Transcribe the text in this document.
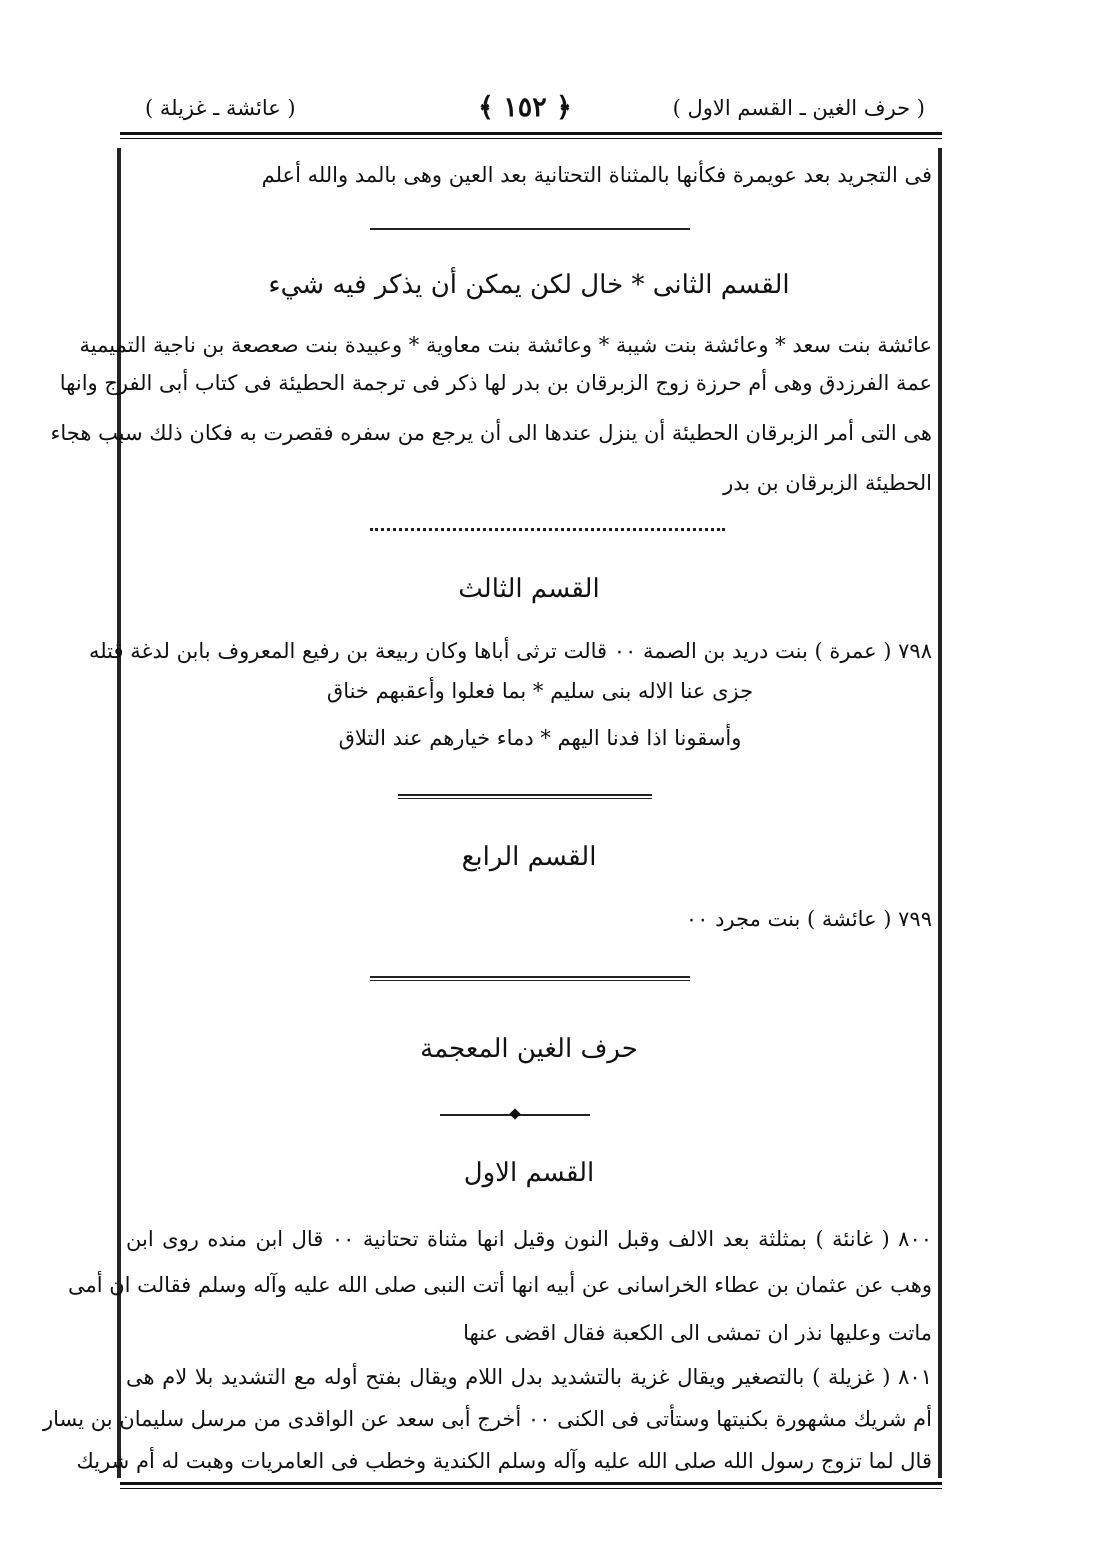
( حرف الغين ـ القسم الاول )
﴿ ١٥٢ ﴾
( عائشة ـ غزيلة )
فى التجريد بعد عويمرة فكأنها بالمثناة التحتانية بعد العين وهى بالمد والله أعلم
القسم الثانى * خال لكن يمكن أن يذكر فيه شيء
عائشة بنت سعد * وعائشة بنت شيبة * وعائشة بنت معاوية * وعبيدة بنت صعصعة بن ناجية التميمية
عمة الفرزدق وهى أم حرزة زوج الزبرقان بن بدر لها ذكر فى ترجمة الحطيئة فى كتاب أبى الفرج وانها
هى التى أمر الزبرقان الحطيئة أن ينزل عندها الى أن يرجع من سفره فقصرت به فكان ذلك سبب هجاء
الحطيئة الزبرقان بن بدر
القسم الثالث
٧٩٨ ( عمرة ) بنت دريد بن الصمة ٠٠ قالت ترثى أباها وكان ربيعة بن رفيع المعروف بابن لدغة قتله
جزى عنا الاله بنى سليم * بما فعلوا وأعقبهم خناق
وأسقونا اذا فدنا اليهم * دماء خيارهم عند التلاق
القسم الرابع
٧٩٩ ( عائشة ) بنت مجرد ٠٠
حرف الغين المعجمة
القسم الاول
٨٠٠ ( غانئة ) بمثلثة بعد الالف وقبل النون وقيل انها مثناة تحتانية ٠٠ قال ابن منده روى ابن
وهب عن عثمان بن عطاء الخراسانى عن أبيه انها أتت النبى صلى الله عليه وآله وسلم فقالت ان أمى
ماتت وعليها نذر ان تمشى الى الكعبة فقال اقضى عنها
٨٠١ ( غزيلة ) بالتصغير ويقال غزية بالتشديد بدل اللام ويقال بفتح أوله مع التشديد بلا لام هى
أم شريك مشهورة بكنيتها وستأتى فى الكنى ٠٠ أخرج أبى سعد عن الواقدى من مرسل سليمان بن يسار
قال لما تزوج رسول الله صلى الله عليه وآله وسلم الكندية وخطب فى العامريات وهبت له أم شريك
